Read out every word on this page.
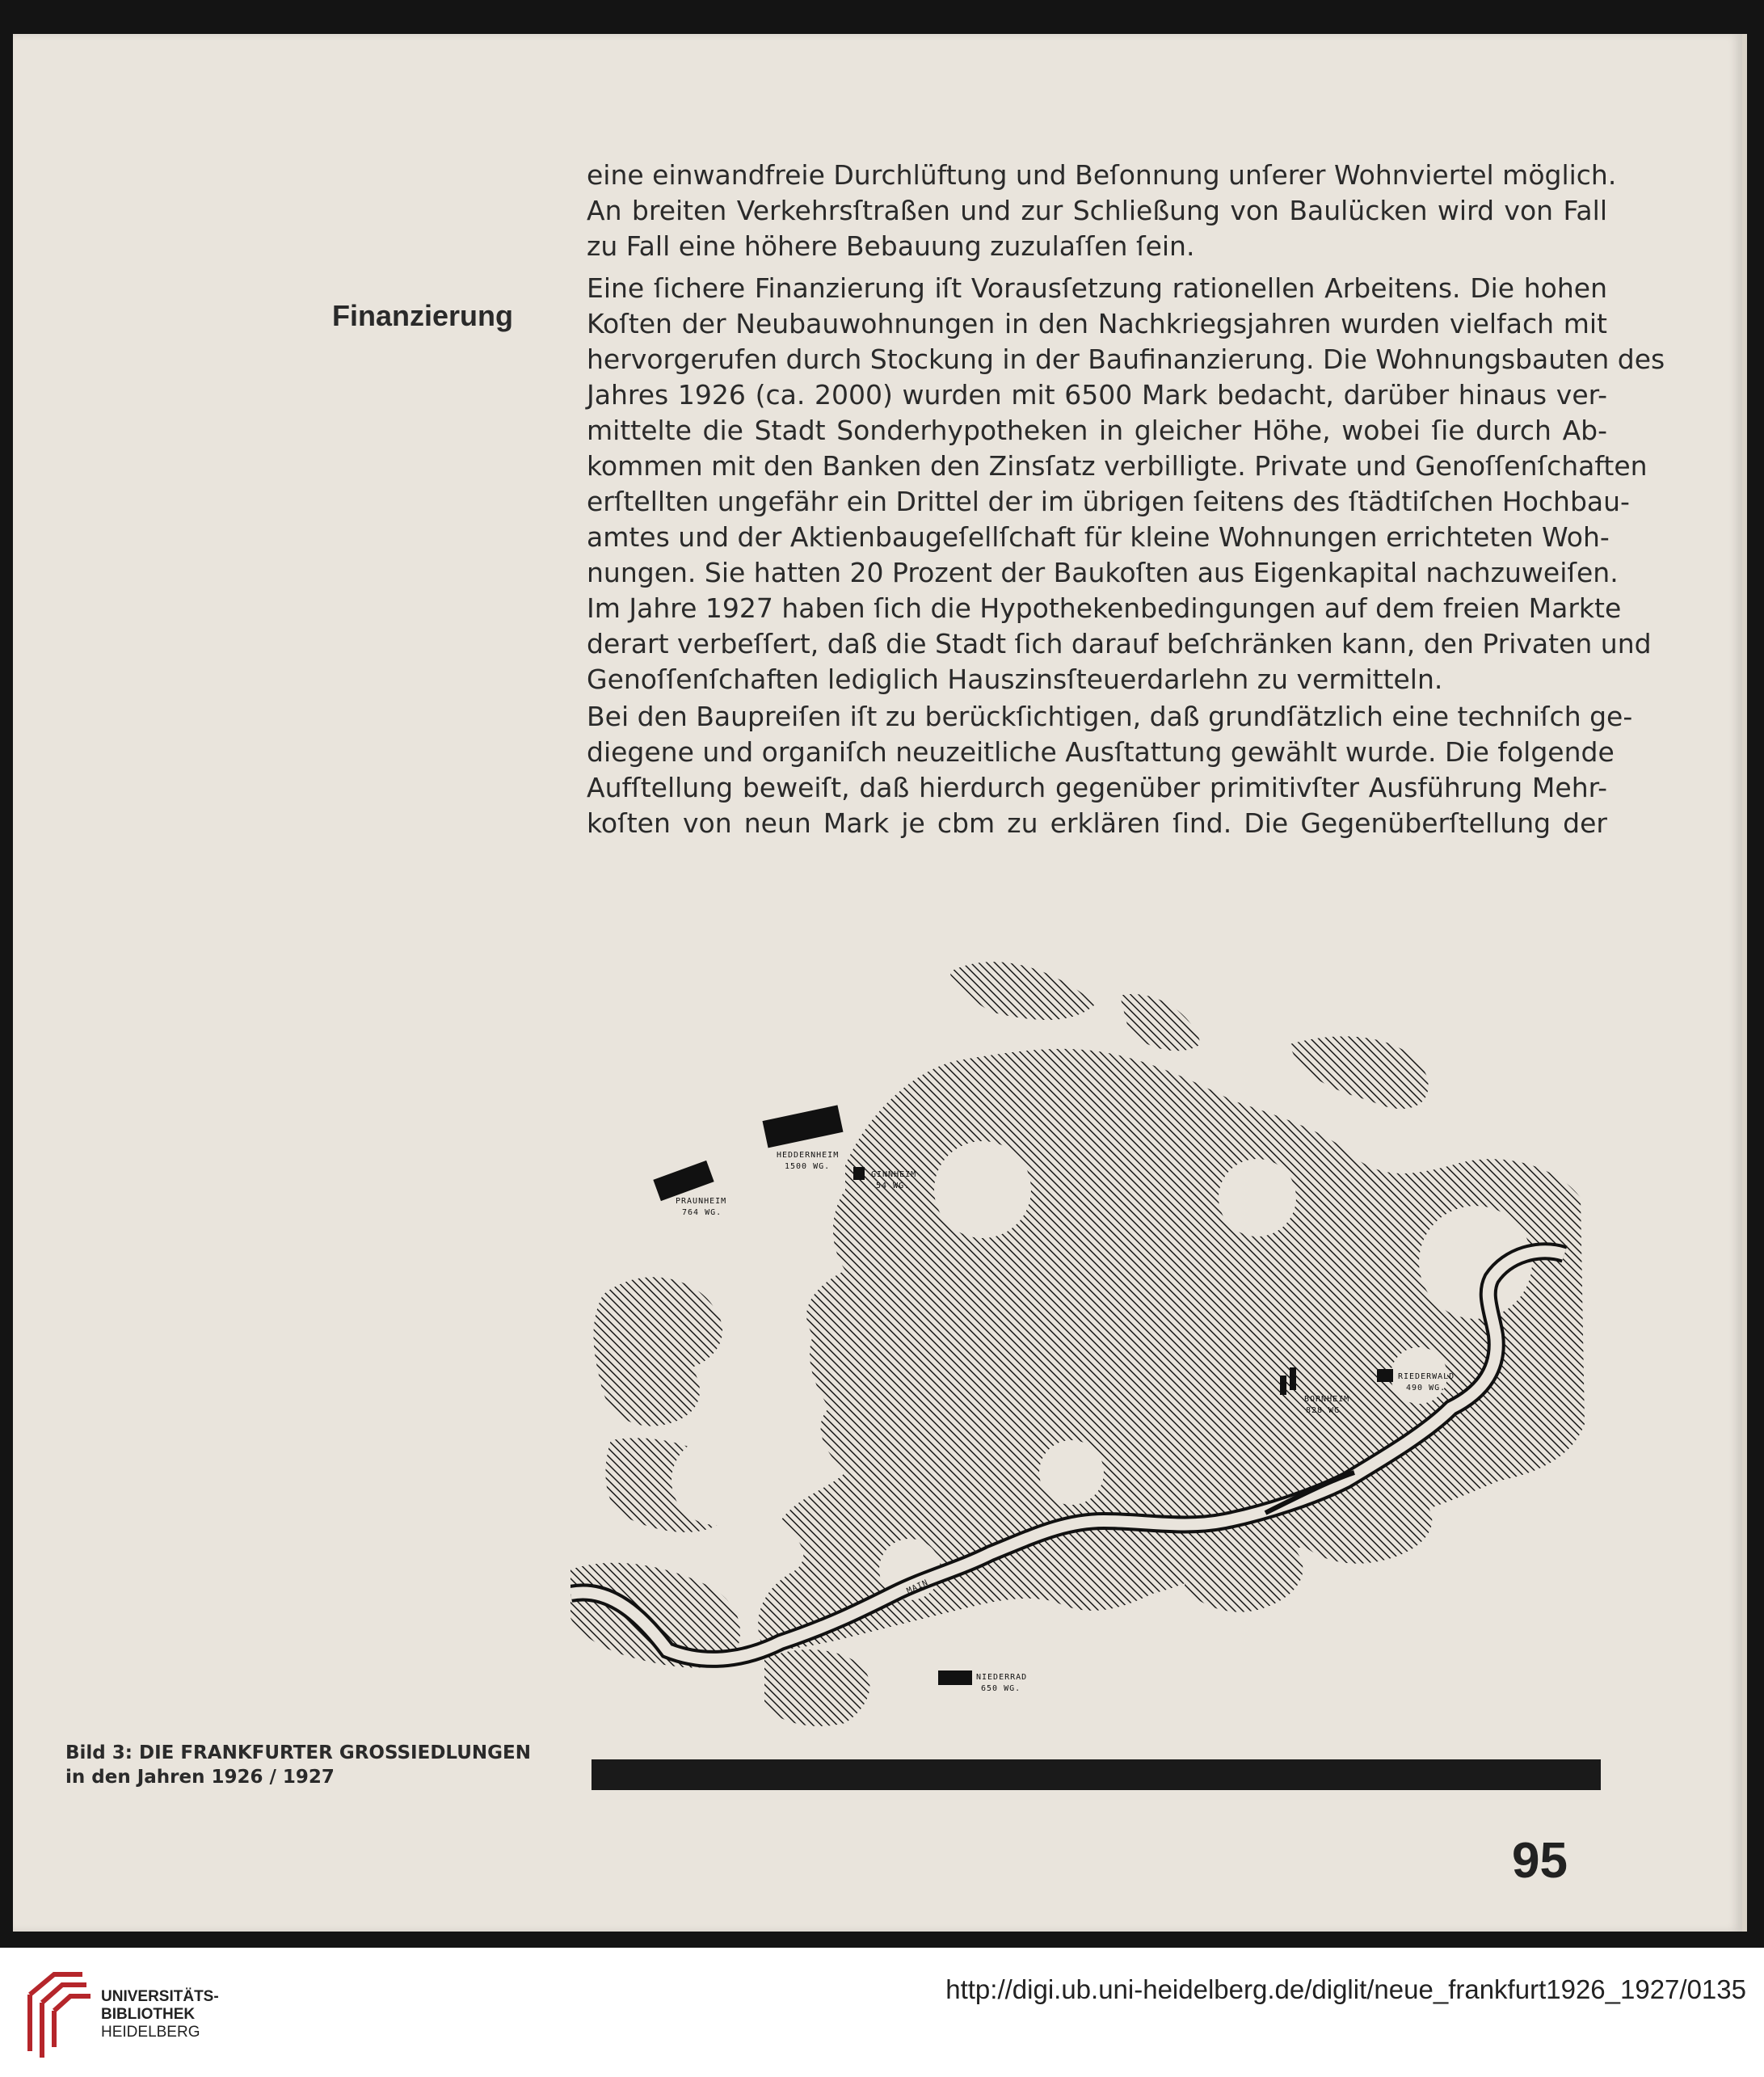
Finanzierung
eine einwandfreie Durchlüftung und Beſonnung unſerer Wohnviertel möglich.
An breiten Verkehrsſtraßen und zur Schließung von Baulücken wird von Fall
zu Fall eine höhere Bebauung zuzulaſſen ſein.
Eine ſichere Finanzierung iſt Vorausſetzung rationellen Arbeitens. Die hohen
Koſten der Neubauwohnungen in den Nachkriegsjahren wurden vielfach mit
hervorgerufen durch Stockung in der Baufinanzierung. Die Wohnungsbauten des
Jahres 1926 (ca. 2000) wurden mit 6500 Mark bedacht, darüber hinaus ver-
mittelte die Stadt Sonderhypotheken in gleicher Höhe, wobei ſie durch Ab-
kommen mit den Banken den Zinsſatz verbilligte. Private und Genoſſenſchaften
erſtellten ungefähr ein Drittel der im übrigen ſeitens des ſtädtiſchen Hochbau-
amtes und der Aktienbaugeſellſchaft für kleine Wohnungen errichteten Woh-
nungen. Sie hatten 20 Prozent der Baukoſten aus Eigenkapital nachzuweiſen.
Im Jahre 1927 haben ſich die Hypothekenbedingungen auf dem freien Markte
derart verbeſſert, daß die Stadt ſich darauf beſchränken kann, den Privaten und
Genoſſenſchaften lediglich Hauszinsſteuerdarlehn zu vermitteln.
Bei den Baupreiſen iſt zu berückſichtigen, daß grundſätzlich eine techniſch ge-
diegene und organiſch neuzeitliche Ausſtattung gewählt wurde. Die folgende
Aufſtellung beweiſt, daß hierdurch gegenüber primitivſter Ausführung Mehr-
koſten von neun Mark je cbm zu erklären ſind. Die Gegenüberſtellung der
MAIN
HEDDERNHEIM
1500 WG.
GINNHEIM
54 WG.
PRAUNHEIM
764 WG.
RIEDERWALD
490 WG.
BORNHEIM
828 WG
NIEDERRAD
650 WG.
Bild 3: DIE FRANKFURTER GROSSIEDLUNGEN
in den Jahren 1926 / 1927
95
UNIVERSITÄTS-
BIBLIOTHEK
HEIDELBERG
http://digi.ub.uni-heidelberg.de/diglit/neue_frankfurt1926_1927/0135
